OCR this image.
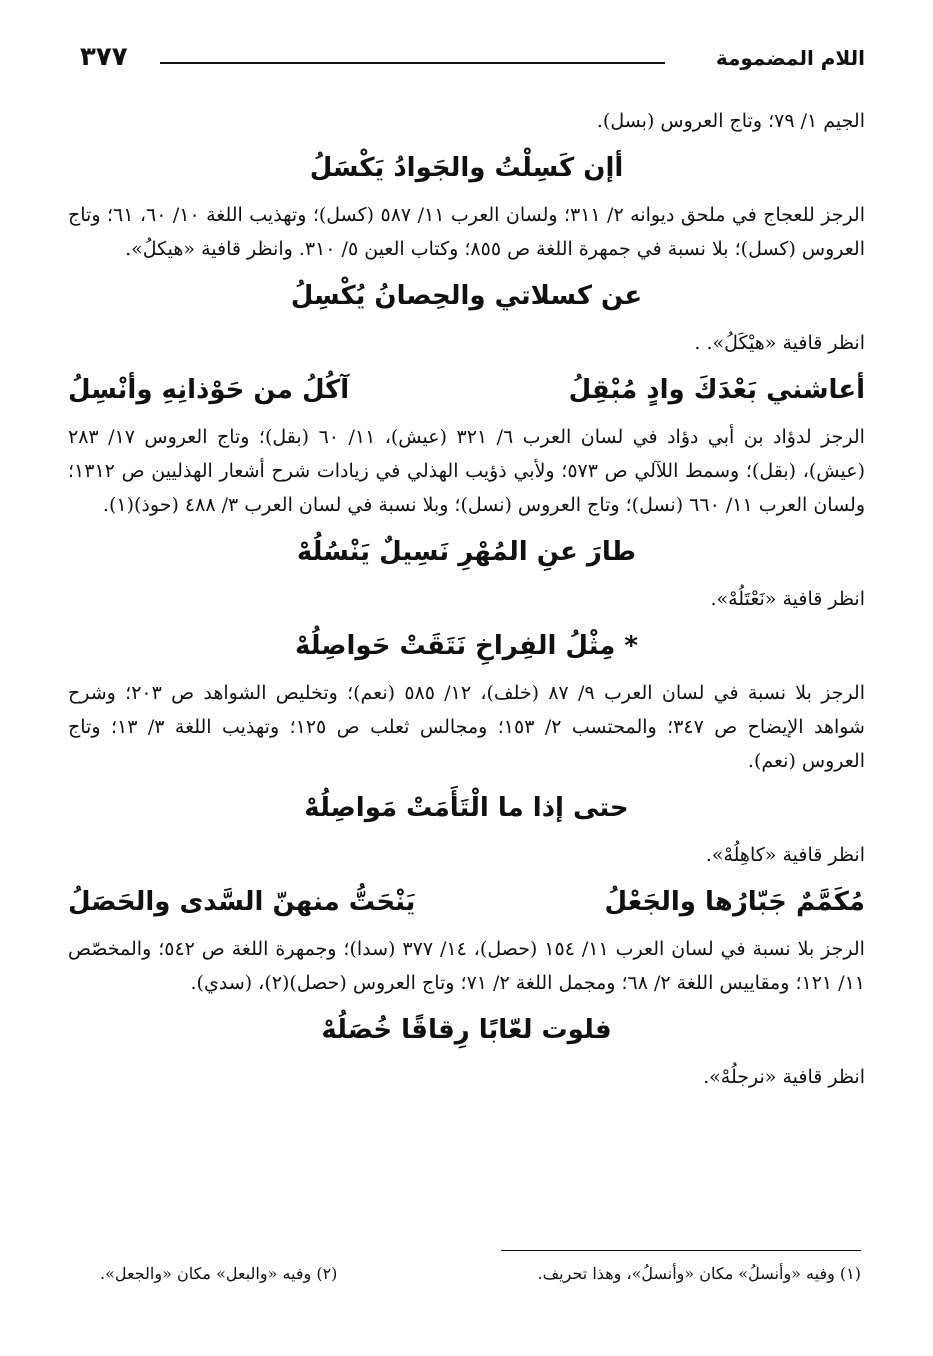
٣٧٧	اللام المضمومة

الجيم ١/ ٧٩؛ وتاج العروس (بسل).

أإن كَسِلْتُ والجَوادُ يَكْسَلُ

الرجز للعجاج في ملحق ديوانه ٢/ ٣١١؛ ولسان العرب ١١/ ٥٨٧ (كسل)؛ وتهذيب اللغة ١٠/ ٦٠، ٦١؛ وتاج العروس (كسل)؛ بلا نسبة في جمهرة اللغة ص ٨٥٥؛ وكتاب العين ٥/ ٣١٠. وانظر قافية «هيكلُ».

عن كسلاتي والحِصانُ يُكْسِلُ

انظر قافية «هيْكَلُ». .

أعاشني بَعْدَكَ وادٍ مُبْقِلُ
آكُلُ من حَوْذانِهِ وأنْسِلُ

الرجز لدؤاد بن أبي دؤاد في لسان العرب ٦/ ٣٢١ (عيش)، ١١/ ٦٠ (بقل)؛ وتاج العروس ١٧/ ٢٨٣ (عيش)، (بقل)؛ وسمط اللآلي ص ٥٧٣؛ ولأبي ذؤيب الهذلي في زيادات شرح أشعار الهذليين ص ١٣١٢؛ ولسان العرب ١١/ ٦٦٠ (نسل)؛ وتاج العروس (نسل)؛ وبلا نسبة في لسان العرب ٣/ ٤٨٨ (حوذ)(١).

طارَ عنِ المُهْرِ نَسِيلٌ يَنْسُلُهْ

انظر قافية «نَعْتَلُهْ».

* مِثْلُ الفِراخِ نَتَقَتْ حَواصِلُهْ

الرجز بلا نسبة في لسان العرب ٩/ ٨٧ (خلف)، ١٢/ ٥٨٥ (نعم)؛ وتخليص الشواهد ص ٢٠٣؛ وشرح شواهد الإيضاح ص ٣٤٧؛ والمحتسب ٢/ ١٥٣؛ ومجالس ثعلب ص ١٢٥؛ وتهذيب اللغة ٣/ ١٣؛ وتاج العروس (نعم).

حتى إذا ما الْتَأَمَتْ مَواصِلُهْ

انظر قافية «كاهِلُهْ».

مُكَمَّمٌ جَبّارُها والجَعْلُ
يَنْحَتُّ منهنّ السَّدى والحَصَلُ

الرجز بلا نسبة في لسان العرب ١١/ ١٥٤ (حصل)، ١٤/ ٣٧٧ (سدا)؛ وجمهرة اللغة ص ٥٤٢؛ والمخصّص ١١/ ١٢١؛ ومقاييس اللغة ٢/ ٦٨؛ ومجمل اللغة ٢/ ٧١؛ وتاج العروس (حصل)(٢)، (سدي).

فلوت لعّابًا رِقاقًا خُصَلُهْ

انظر قافية «نرجلُهْ».

(١) وفيه «وأنسلُ» مكان «وأنسلُ»، وهذا تحريف.
(٢) وفيه «والبعل» مكان «والجعل».
